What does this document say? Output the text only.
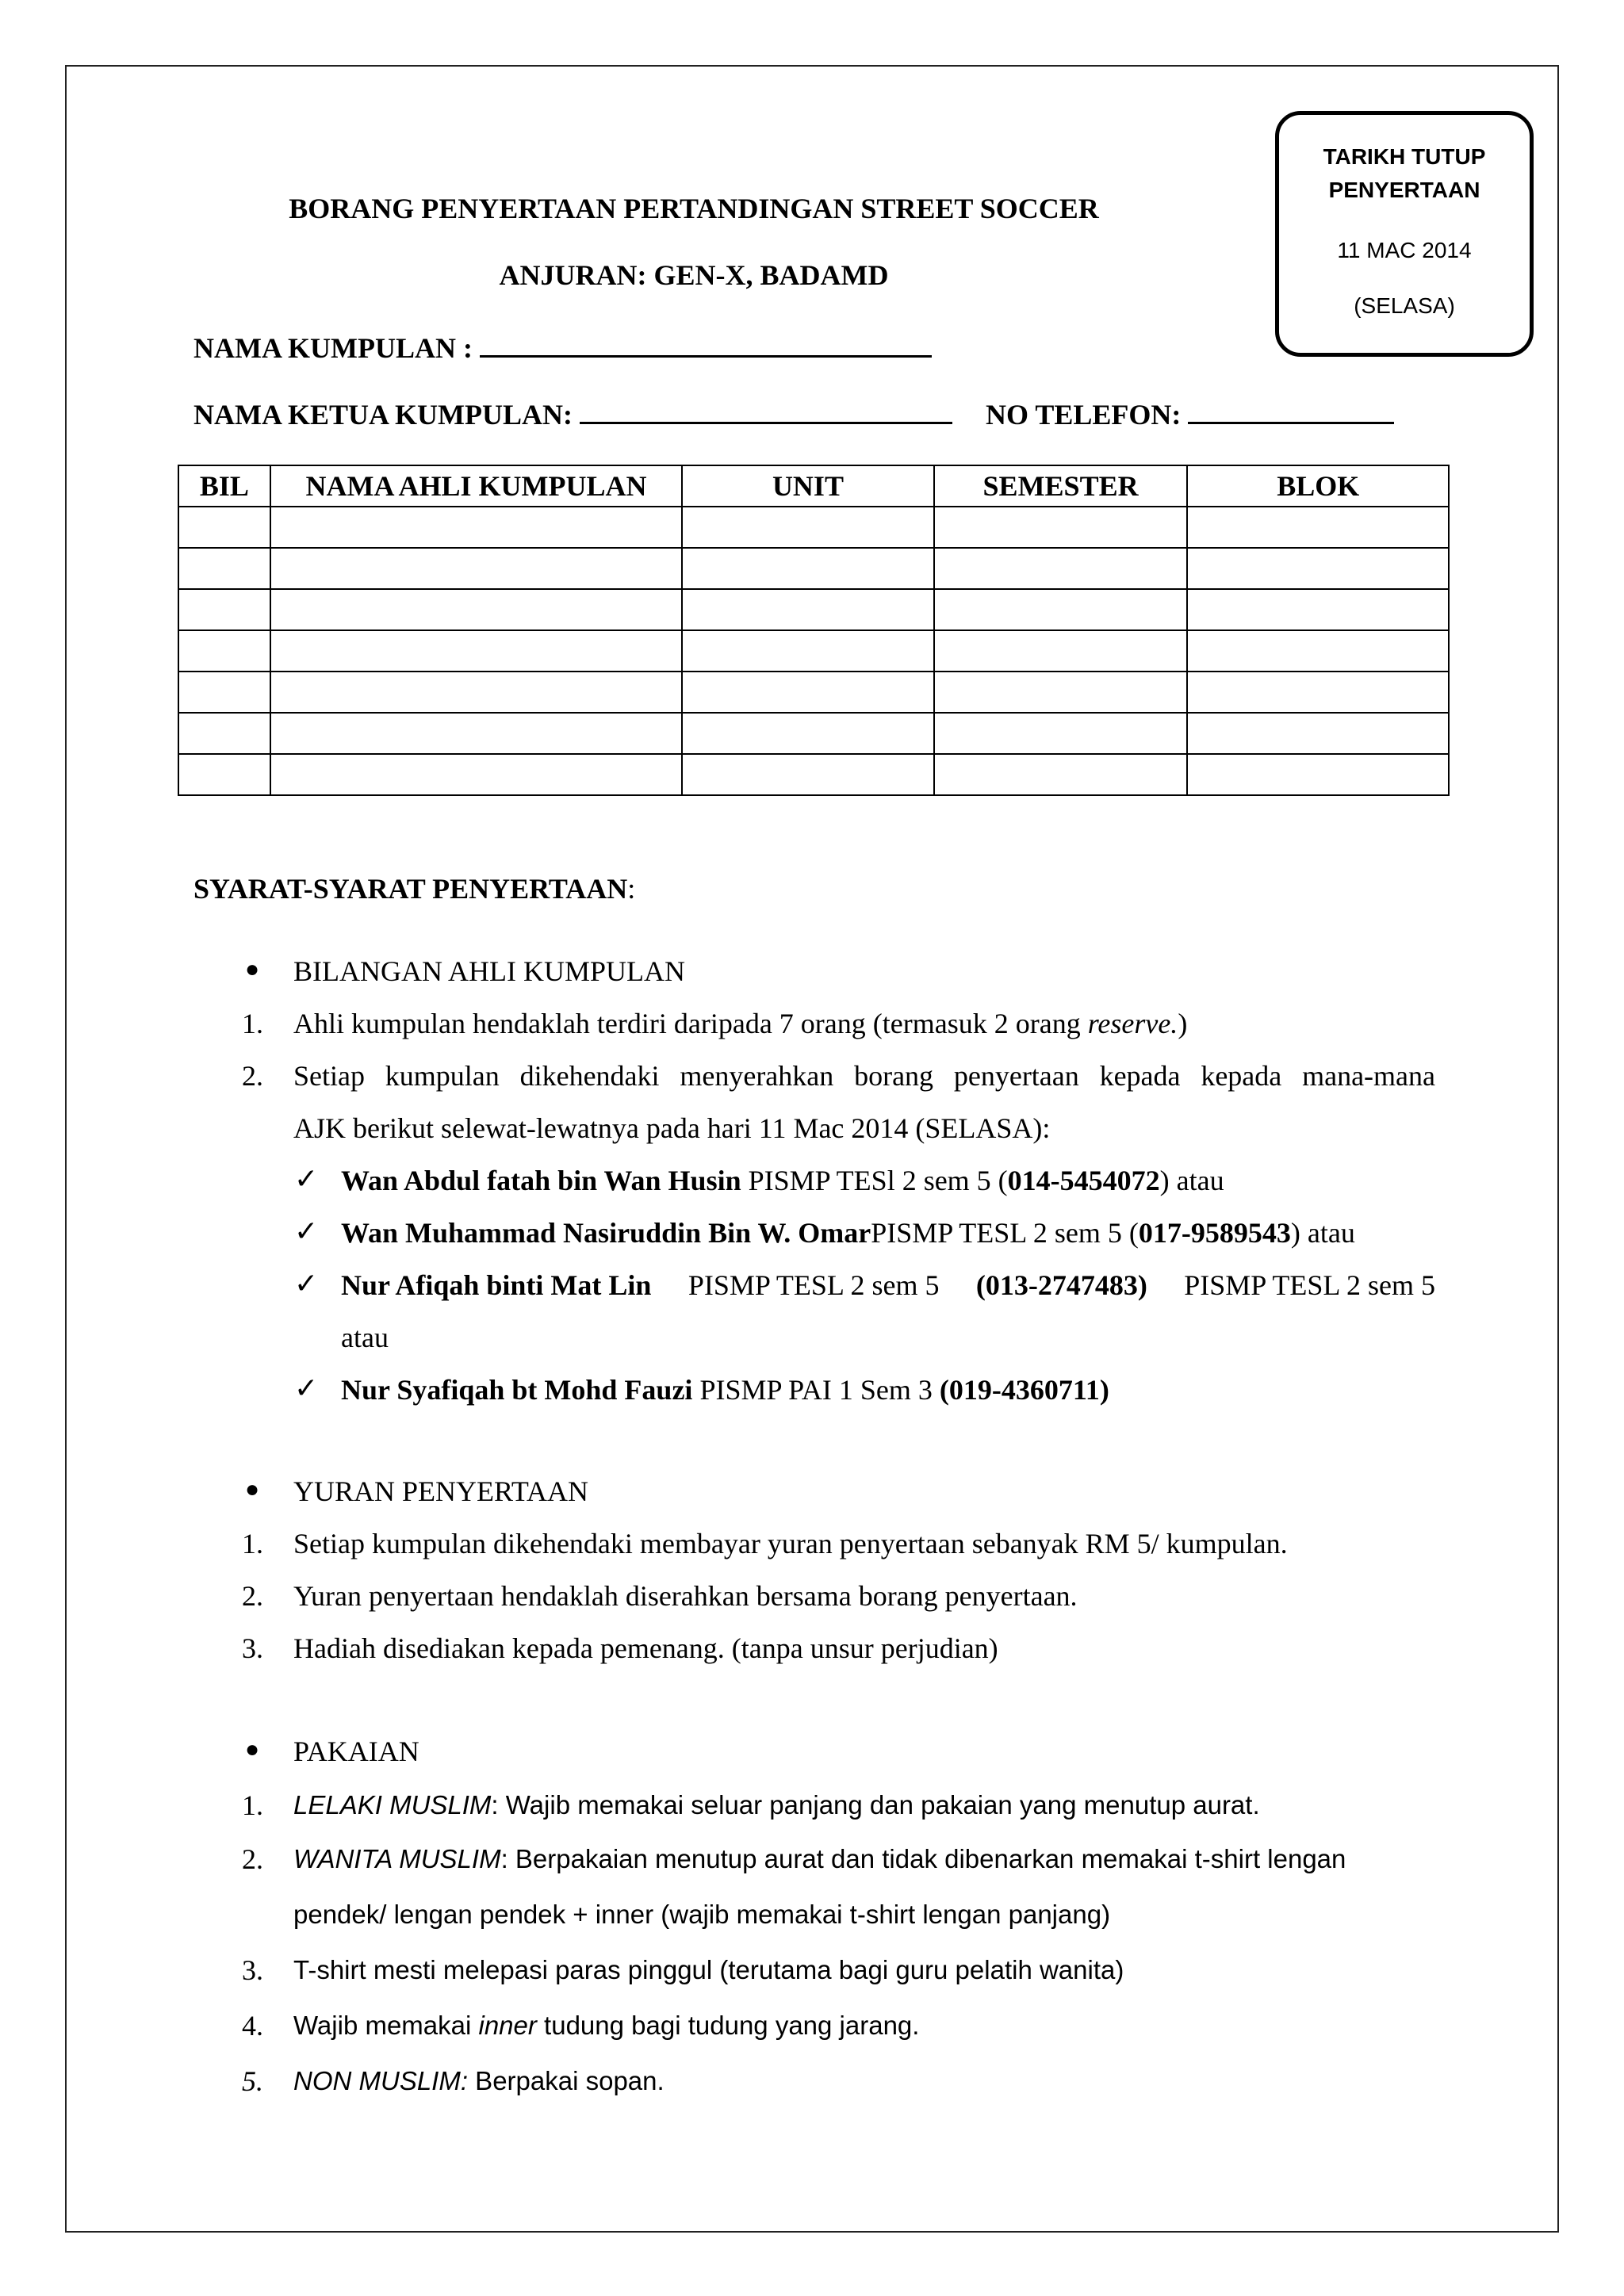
TARIKH TUTUP
PENYERTAAN
11 MAC 2014
(SELASA)
BORANG PENYERTAAN PERTANDINGAN STREET SOCCER
ANJURAN: GEN-X, BADAMD
NAMA KUMPULAN :
NAMA KETUA KUMPULAN:	NO TELEFON:
BIL	NAMA AHLI KUMPULAN	UNIT	SEMESTER	BLOK

SYARAT-SYARAT PENYERTAAN:
● BILANGAN AHLI KUMPULAN
1. Ahli kumpulan hendaklah terdiri daripada 7 orang (termasuk 2 orang reserve.)
2. Setiap kumpulan dikehendaki menyerahkan borang penyertaan kepada kepada mana-mana
AJK berikut selewat-lewatnya pada hari 11 Mac 2014 (SELASA):
✓ Wan Abdul fatah bin Wan Husin PISMP TESl 2 sem 5 (014-5454072) atau
✓ Wan Muhammad Nasiruddin Bin W. OmarPISMP TESL 2 sem 5 (017-9589543) atau
✓ Nur Afiqah binti Mat Lin PISMP TESL 2 sem 5 (013-2747483) PISMP TESL 2 sem 5
atau
✓ Nur Syafiqah bt Mohd Fauzi PISMP PAI 1 Sem 3 (019-4360711)
● YURAN PENYERTAAN
1. Setiap kumpulan dikehendaki membayar yuran penyertaan sebanyak RM 5/ kumpulan.
2. Yuran penyertaan hendaklah diserahkan bersama borang penyertaan.
3. Hadiah disediakan kepada pemenang. (tanpa unsur perjudian)
● PAKAIAN
1. LELAKI MUSLIM: Wajib memakai seluar panjang dan pakaian yang menutup aurat.
2. WANITA MUSLIM: Berpakaian menutup aurat dan tidak dibenarkan memakai t-shirt lengan
pendek/ lengan pendek + inner (wajib memakai t-shirt lengan panjang)
3. T-shirt mesti melepasi paras pinggul (terutama bagi guru pelatih wanita)
4. Wajib memakai inner tudung bagi tudung yang jarang.
5. NON MUSLIM: Berpakai sopan.
